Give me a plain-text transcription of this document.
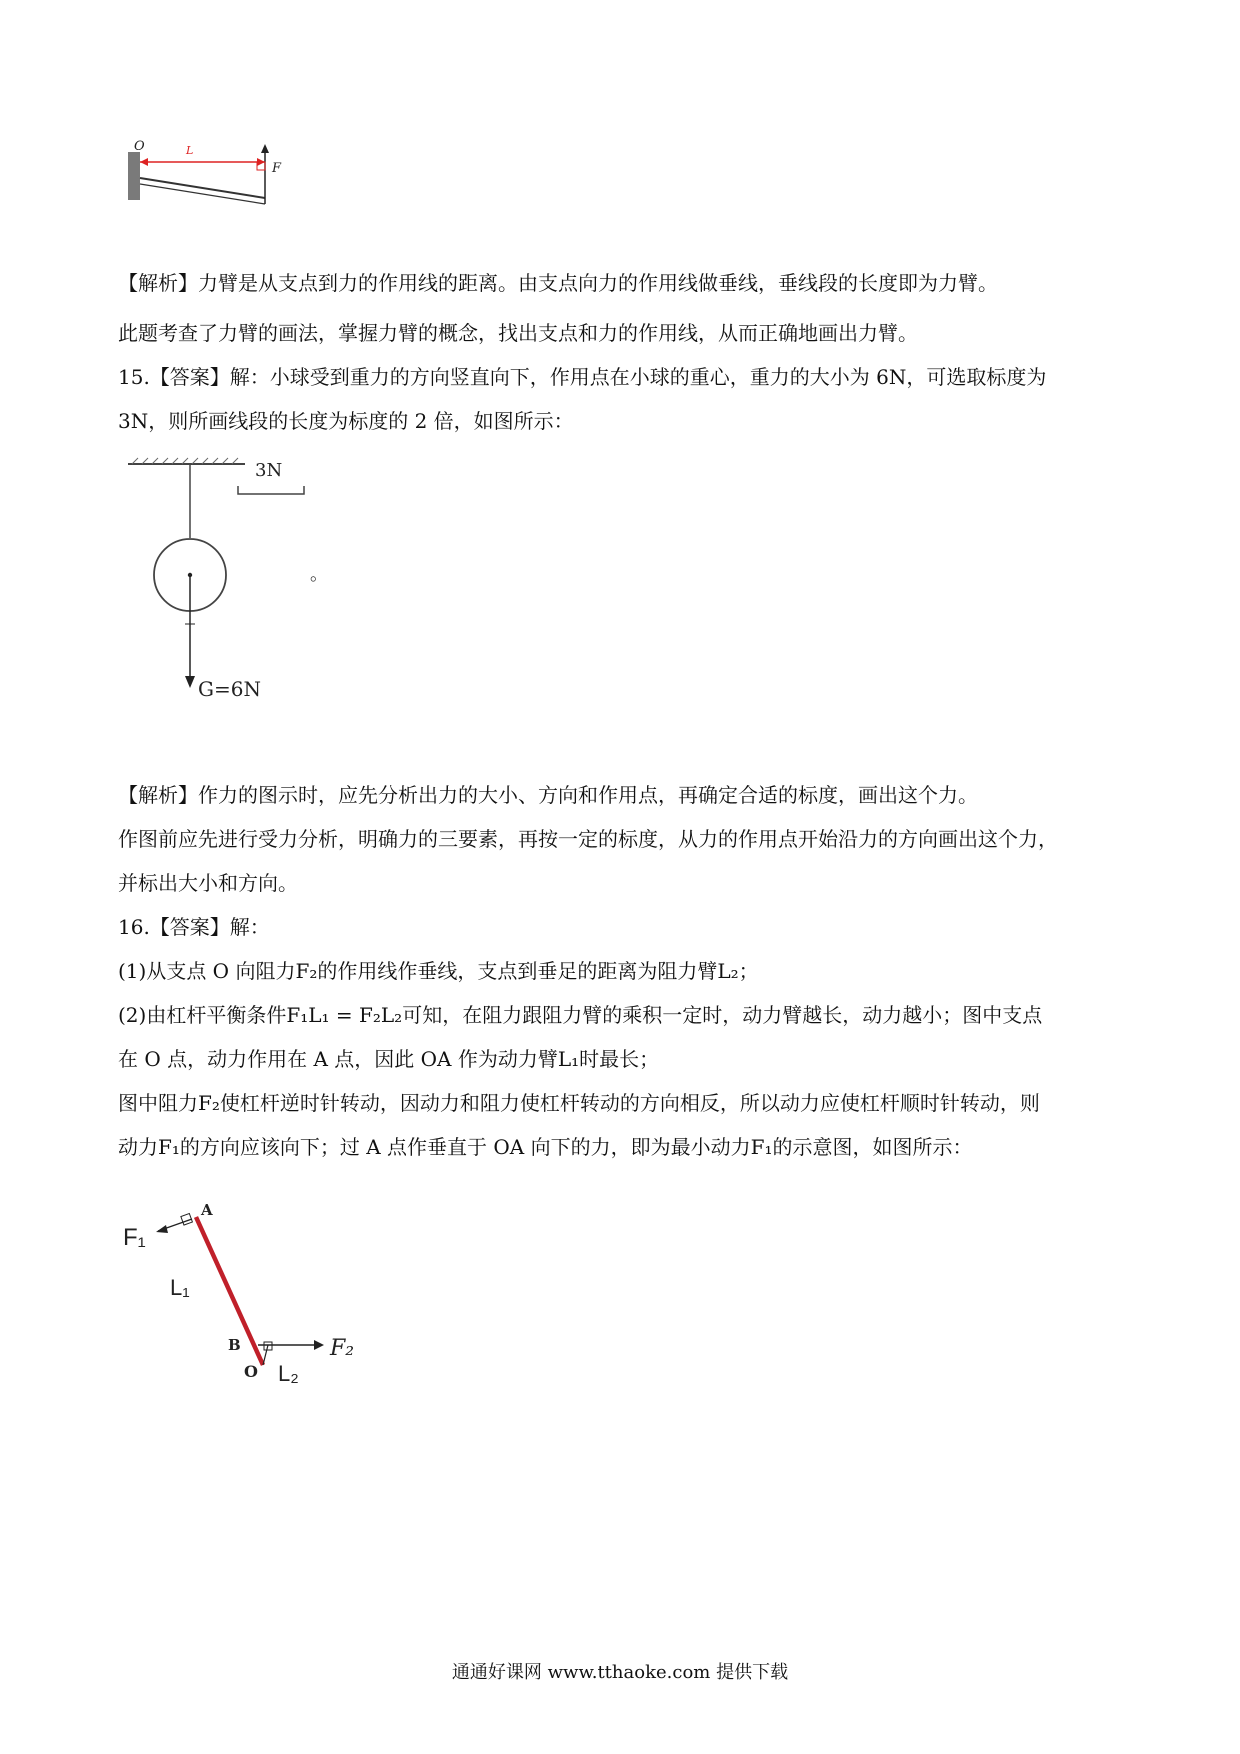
O	L
F
【解析】力臂是从支点到力的作用线的距离。由支点向力的作用线做垂线，垂线段的长度即为力臂。
此题考查了力臂的画法，掌握力臂的概念，找出支点和力的作用线，从而正确地画出力臂。
15.【答案】解：小球受到重力的方向竖直向下，作用点在小球的重心，重力的大小为 6N，可选取标度为
3N，则所画线段的长度为标度的 2 倍，如图所示：
3N
G=6N
。
【解析】作力的图示时，应先分析出力的大小、方向和作用点，再确定合适的标度，画出这个力。
作图前应先进行受力分析，明确力的三要素，再按一定的标度，从力的作用点开始沿力的方向画出这个力，
并标出大小和方向。
16.【答案】解：
(1)从支点 O 向阻力F₂的作用线作垂线，支点到垂足的距离为阻力臂L₂；
(2)由杠杆平衡条件F₁L₁ = F₂L₂可知，在阻力跟阻力臂的乘积一定时，动力臂越长，动力越小；图中支点
在 O 点，动力作用在 A 点，因此 OA 作为动力臂L₁时最长；
图中阻力F₂使杠杆逆时针转动，因动力和阻力使杠杆转动的方向相反，所以动力应使杠杆顺时针转动，则
动力F₁的方向应该向下；过 A 点作垂直于 OA 向下的力，即为最小动力F₁的示意图，如图所示：
F₁
A
L₁
B
O L₂
F₂
通通好课网 www.tthaoke.com 提供下载
